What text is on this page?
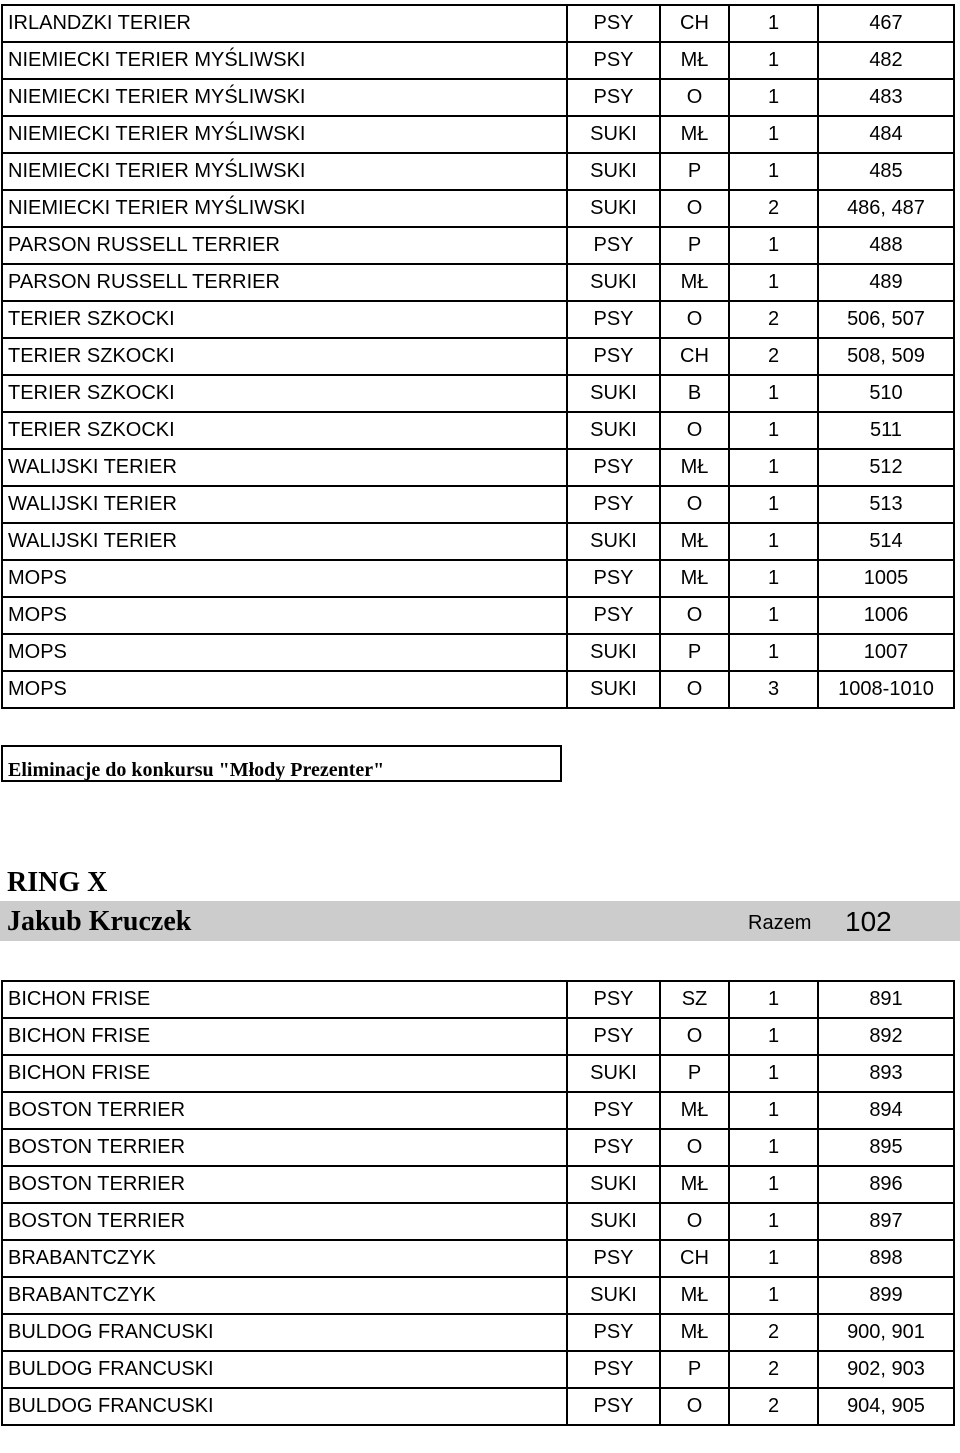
IRLANDZKI TERIER	PSY	CH	1	467
NIEMIECKI TERIER MYŚLIWSKI	PSY	MŁ	1	482
NIEMIECKI TERIER MYŚLIWSKI	PSY	O	1	483
NIEMIECKI TERIER MYŚLIWSKI	SUKI	MŁ	1	484
NIEMIECKI TERIER MYŚLIWSKI	SUKI	P	1	485
NIEMIECKI TERIER MYŚLIWSKI	SUKI	O	2	486, 487
PARSON RUSSELL TERRIER	PSY	P	1	488
PARSON RUSSELL TERRIER	SUKI	MŁ	1	489
TERIER SZKOCKI	PSY	O	2	506, 507
TERIER SZKOCKI	PSY	CH	2	508, 509
TERIER SZKOCKI	SUKI	B	1	510
TERIER SZKOCKI	SUKI	O	1	511
WALIJSKI TERIER	PSY	MŁ	1	512
WALIJSKI TERIER	PSY	O	1	513
WALIJSKI TERIER	SUKI	MŁ	1	514
MOPS	PSY	MŁ	1	1005
MOPS	PSY	O	1	1006
MOPS	SUKI	P	1	1007
MOPS	SUKI	O	3	1008-1010
Eliminacje do konkursu "Młody Prezenter"
RING X
Jakub Kruczek	Razem 102
BICHON FRISE	PSY	SZ	1	891
BICHON FRISE	PSY	O	1	892
BICHON FRISE	SUKI	P	1	893
BOSTON TERRIER	PSY	MŁ	1	894
BOSTON TERRIER	PSY	O	1	895
BOSTON TERRIER	SUKI	MŁ	1	896
BOSTON TERRIER	SUKI	O	1	897
BRABANTCZYK	PSY	CH	1	898
BRABANTCZYK	SUKI	MŁ	1	899
BULDOG FRANCUSKI	PSY	MŁ	2	900, 901
BULDOG FRANCUSKI	PSY	P	2	902, 903
BULDOG FRANCUSKI	PSY	O	2	904, 905
